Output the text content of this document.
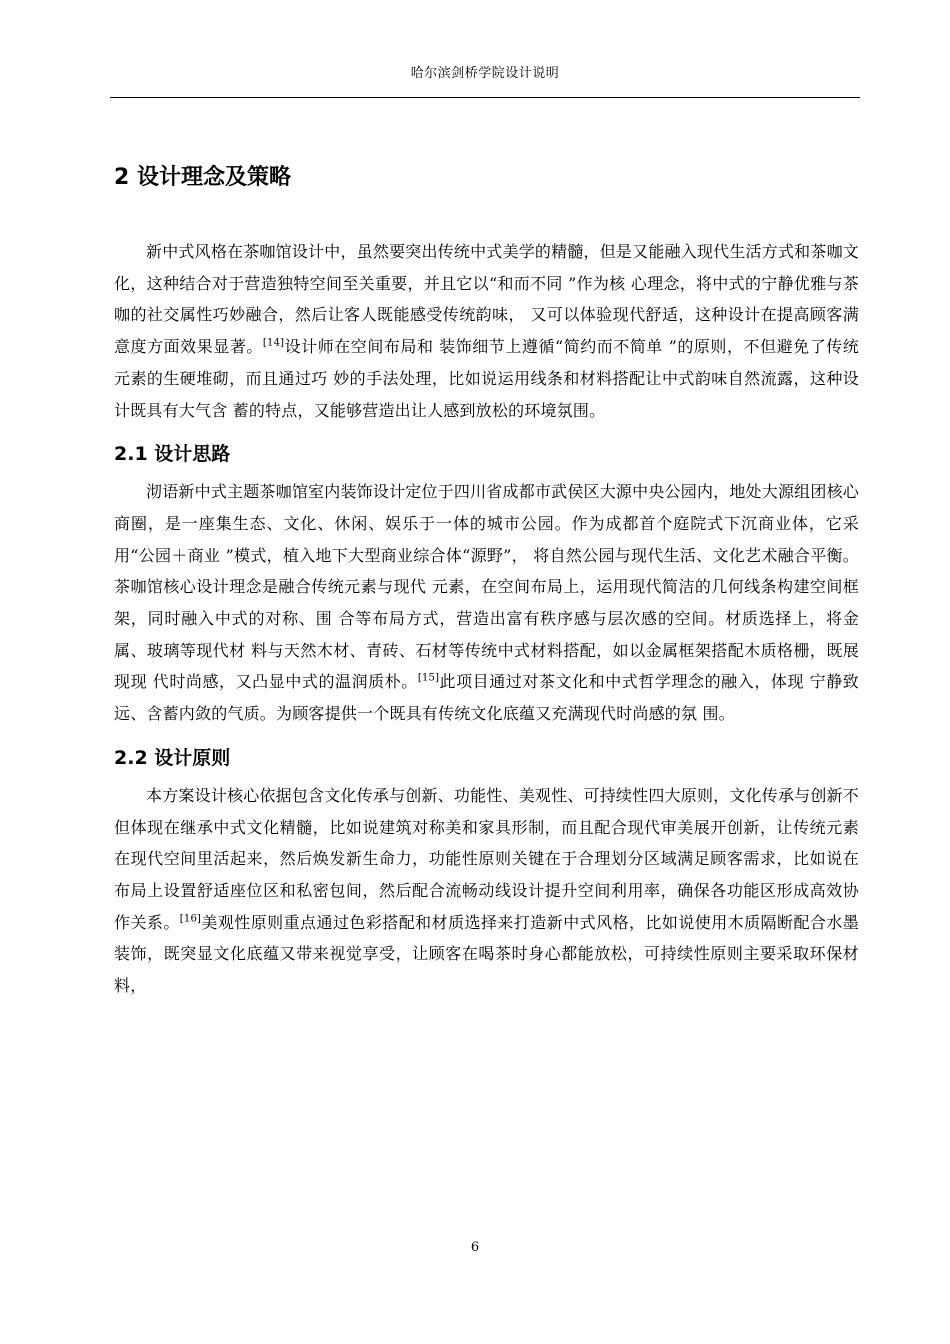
哈尔滨剑桥学院设计说明
2 设计理念及策略

新中式风格在茶咖馆设计中，虽然要突出传统中式美学的精髓，但是又能融入现代生活方式和茶咖文化，这种结合对于营造独特空间至关重要，并且它以“和而不同 ”作为核 心理念，将中式的宁静优雅与茶咖的社交属性巧妙融合，然后让客人既能感受传统韵味， 又可以体验现代舒适，这种设计在提高顾客满意度方面效果显著。[14]设计师在空间布局和 装饰细节上遵循“简约而不简单 ”的原则，不但避免了传统元素的生硬堆砌，而且通过巧 妙的手法处理，比如说运用线条和材料搭配让中式韵味自然流露，这种设计既具有大气含 蓄的特点，又能够营造出让人感到放松的环境氛围。

2.1 设计思路

沏语新中式主题茶咖馆室内装饰设计定位于四川省成都市武侯区大源中央公园内，地处大源组团核心商圈，是一座集生态、文化、休闲、娱乐于一体的城市公园。作为成都首个庭院式下沉商业体，它采用“公园＋商业 ”模式，植入地下大型商业综合体“源野”， 将自然公园与现代生活、文化艺术融合平衡。茶咖馆核心设计理念是融合传统元素与现代 元素，在空间布局上，运用现代简洁的几何线条构建空间框架，同时融入中式的对称、围 合等布局方式，营造出富有秩序感与层次感的空间。材质选择上，将金属、玻璃等现代材 料与天然木材、青砖、石材等传统中式材料搭配，如以金属框架搭配木质格栅，既展现现 代时尚感，又凸显中式的温润质朴。[15]此项目通过对茶文化和中式哲学理念的融入，体现 宁静致远、含蓄内敛的气质。为顾客提供一个既具有传统文化底蕴又充满现代时尚感的氛 围。

2.2 设计原则

本方案设计核心依据包含文化传承与创新、功能性、美观性、可持续性四大原则，文化传承与创新不但体现在继承中式文化精髓，比如说建筑对称美和家具形制，而且配合现代审美展开创新，让传统元素在现代空间里活起来，然后焕发新生命力，功能性原则关键在于合理划分区域满足顾客需求，比如说在布局上设置舒适座位区和私密包间，然后配合流畅动线设计提升空间利用率，确保各功能区形成高效协作关系。[16]美观性原则重点通过色彩搭配和材质选择来打造新中式风格，比如说使用木质隔断配合水墨装饰，既突显文化底蕴又带来视觉享受，让顾客在喝茶时身心都能放松，可持续性原则主要采取环保材料，

6
